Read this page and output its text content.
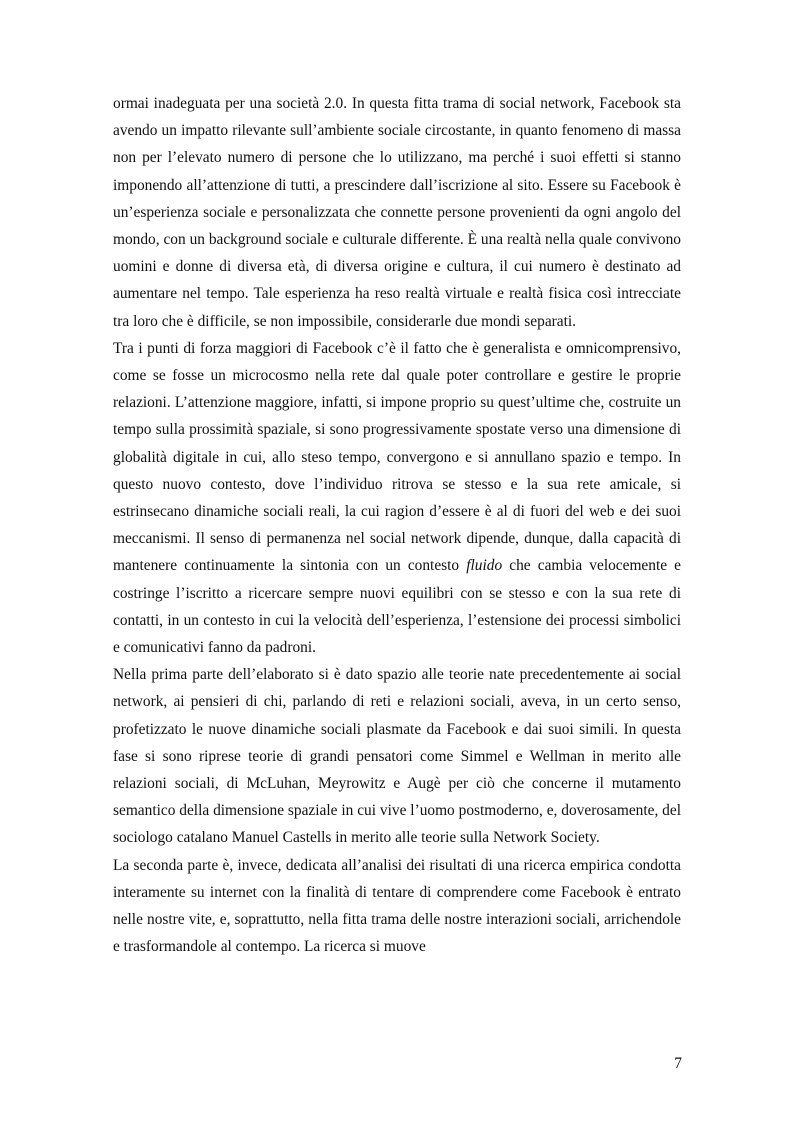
ormai inadeguata per una società 2.0. In questa fitta trama di social network, Facebook sta avendo un impatto rilevante sull’ambiente sociale circostante, in quanto fenomeno di massa non per l’elevato numero di persone che lo utilizzano, ma perché i suoi effetti si stanno imponendo all’attenzione di tutti, a prescindere dall’iscrizione al sito. Essere su Facebook è un’esperienza sociale e personalizzata che connette persone provenienti da ogni angolo del mondo, con un background sociale e culturale differente. È una realtà nella quale convivono uomini e donne di diversa età, di diversa origine e cultura, il cui numero è destinato ad aumentare nel tempo. Tale esperienza ha reso realtà virtuale e realtà fisica così intrecciate tra loro che è difficile, se non impossibile, considerarle due mondi separati.

Tra i punti di forza maggiori di Facebook c’è il fatto che è generalista e omnicomprensivo, come se fosse un microcosmo nella rete dal quale poter controllare e gestire le proprie relazioni. L’attenzione maggiore, infatti, si impone proprio su quest’ultime che, costruite un tempo sulla prossimità spaziale, si sono progressivamente spostate verso una dimensione di globalità digitale in cui, allo steso tempo, convergono e si annullano spazio e tempo. In questo nuovo contesto, dove l’individuo ritrova se stesso e la sua rete amicale, si estrinsecano dinamiche sociali reali, la cui ragion d’essere è al di fuori del web e dei suoi meccanismi. Il senso di permanenza nel social network dipende, dunque, dalla capacità di mantenere continuamente la sintonia con un contesto fluido che cambia velocemente e costringe l’iscritto a ricercare sempre nuovi equilibri con se stesso e con la sua rete di contatti, in un contesto in cui la velocità dell’esperienza, l’estensione dei processi simbolici e comunicativi fanno da padroni.

Nella prima parte dell’elaborato si è dato spazio alle teorie nate precedentemente ai social network, ai pensieri di chi, parlando di reti e relazioni sociali, aveva, in un certo senso, profetizzato le nuove dinamiche sociali plasmate da Facebook e dai suoi simili. In questa fase si sono riprese teorie di grandi pensatori come Simmel e Wellman in merito alle relazioni sociali, di McLuhan, Meyrowitz e Augè per ciò che concerne il mutamento semantico della dimensione spaziale in cui vive l’uomo postmoderno, e, doverosamente, del sociologo catalano Manuel Castells in merito alle teorie sulla Network Society.

La seconda parte è, invece, dedicata all’analisi dei risultati di una ricerca empirica condotta interamente su internet con la finalità di tentare di comprendere come Facebook è entrato nelle nostre vite, e, soprattutto, nella fitta trama delle nostre interazioni sociali, arrichendole e trasformandole al contempo. La ricerca si muove

7
